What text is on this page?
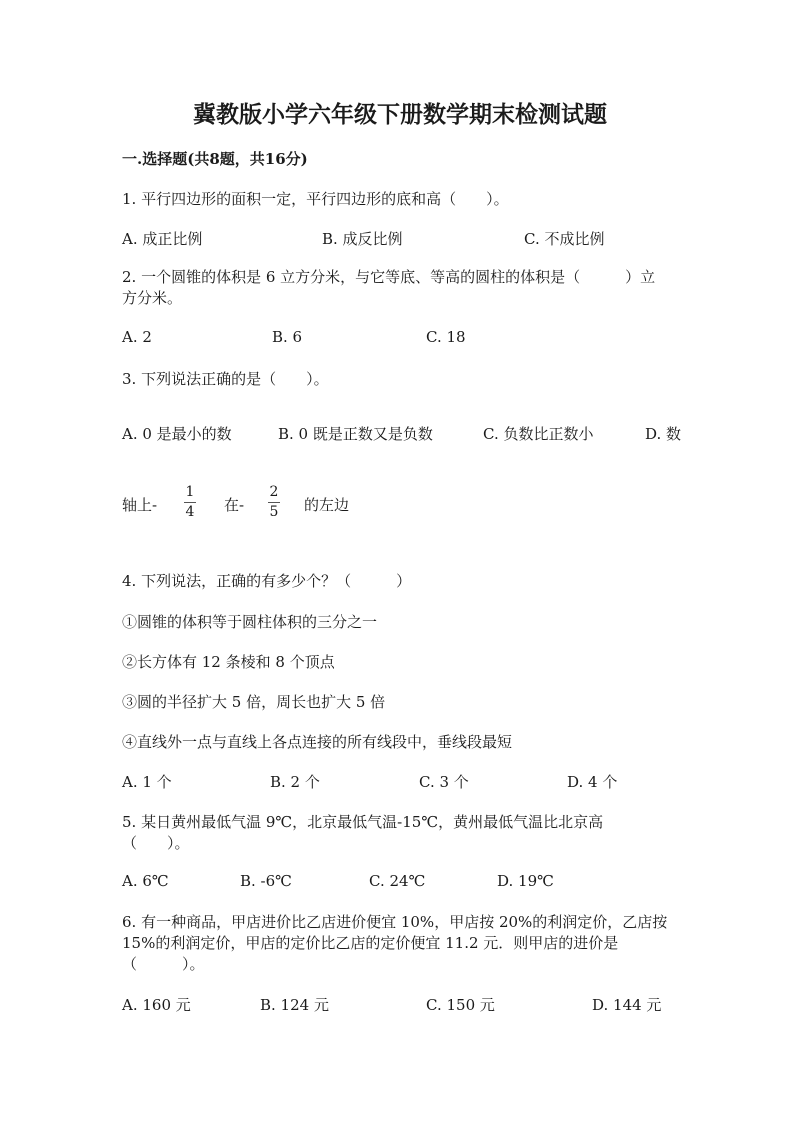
冀教版小学六年级下册数学期末检测试题
一.选择题(共8题，共16分)
1. 平行四边形的面积一定，平行四边形的底和高（　　）。
A. 成正比例	B. 成反比例	C. 不成比例
2. 一个圆锥的体积是 6 立方分米，与它等底、等高的圆柱的体积是（　　　）立
方分米。
A. 2	B. 6	C. 18
3. 下列说法正确的是（　　）。
A. 0 是最小的数	B. 0 既是正数又是负数	C. 负数比正数小	D. 数
轴上-
1
4 在-
2
5 的左边
4. 下列说法，正确的有多少个？（　　　）
①圆锥的体积等于圆柱体积的三分之一
②长方体有 12 条棱和 8 个顶点
③圆的半径扩大 5 倍，周长也扩大 5 倍
④直线外一点与直线上各点连接的所有线段中，垂线段最短
A. 1 个	B. 2 个	C. 3 个	D. 4 个
5. 某日黄州最低气温 9℃，北京最低气温-15℃，黄州最低气温比北京高
（　　）。
A. 6℃	B. -6℃	C. 24℃	D. 19℃
6. 有一种商品，甲店进价比乙店进价便宜 10%，甲店按 20%的利润定价，乙店按
15%的利润定价，甲店的定价比乙店的定价便宜 11.2 元．则甲店的进价是
（　　　）。
A. 160 元	B. 124 元	C. 150 元	D. 144 元
